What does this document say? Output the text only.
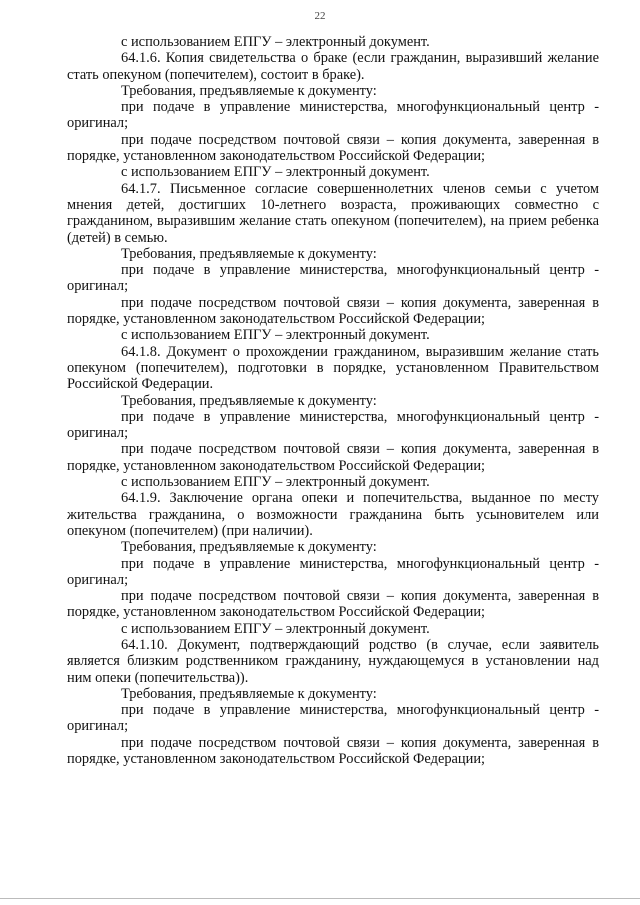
22

с использованием ЕПГУ – электронный документ.

64.1.6. Копия свидетельства о браке (если гражданин, выразивший желание стать опекуном (попечителем), состоит в браке).

Требования, предъявляемые к документу:

при подаче в управление министерства, многофункциональный центр - оригинал;

при подаче посредством почтовой связи – копия документа, заверенная в порядке, установленном законодательством Российской Федерации;

с использованием ЕПГУ – электронный документ.

64.1.7. Письменное согласие совершеннолетних членов семьи с учетом мнения детей, достигших 10-летнего возраста, проживающих совместно с гражданином, выразившим желание стать опекуном (попечителем), на прием ребенка (детей) в семью.

Требования, предъявляемые к документу:

при подаче в управление министерства, многофункциональный центр - оригинал;

при подаче посредством почтовой связи – копия документа, заверенная в порядке, установленном законодательством Российской Федерации;

с использованием ЕПГУ – электронный документ.

64.1.8. Документ о прохождении гражданином, выразившим желание стать опекуном (попечителем), подготовки в порядке, установленном Правительством Российской Федерации.

Требования, предъявляемые к документу:

при подаче в управление министерства, многофункциональный центр - оригинал;

при подаче посредством почтовой связи – копия документа, заверенная в порядке, установленном законодательством Российской Федерации;

с использованием ЕПГУ – электронный документ.

64.1.9. Заключение органа опеки и попечительства, выданное по месту жительства гражданина, о возможности гражданина быть усыновителем или опекуном (попечителем) (при наличии).

Требования, предъявляемые к документу:

при подаче в управление министерства, многофункциональный центр - оригинал;

при подаче посредством почтовой связи – копия документа, заверенная в порядке, установленном законодательством Российской Федерации;

с использованием ЕПГУ – электронный документ.

64.1.10. Документ, подтверждающий родство (в случае, если заявитель является близким родственником гражданину, нуждающемуся в установлении над ним опеки (попечительства)).

Требования, предъявляемые к документу:

при подаче в управление министерства, многофункциональный центр - оригинал;

при подаче посредством почтовой связи – копия документа, заверенная в порядке, установленном законодательством Российской Федерации;
